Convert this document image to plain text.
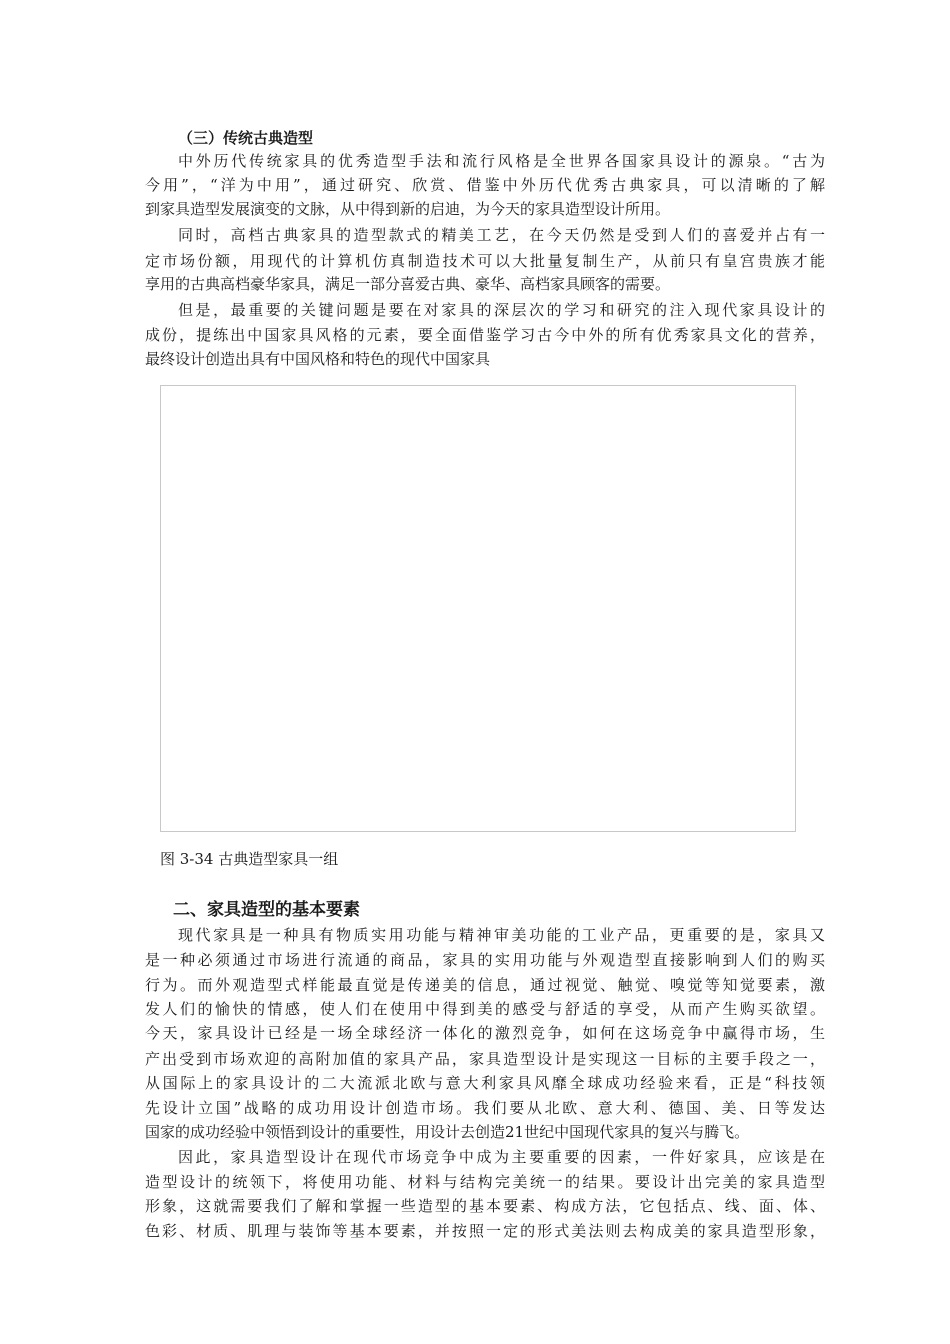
（三）传统古典造型
中外历代传统家具的优秀造型手法和流行风格是全世界各国家具设计的源泉。“古为
今用”，“洋为中用”，通过研究、欣赏、借鉴中外历代优秀古典家具，可以清晰的了解
到家具造型发展演变的文脉，从中得到新的启迪，为今天的家具造型设计所用。
同时，高档古典家具的造型款式的精美工艺，在今天仍然是受到人们的喜爱并占有一
定市场份额，用现代的计算机仿真制造技术可以大批量复制生产，从前只有皇宫贵族才能
享用的古典高档豪华家具，满足一部分喜爱古典、豪华、高档家具顾客的需要。
但是，最重要的关键问题是要在对家具的深层次的学习和研究的注入现代家具设计的
成份，提练出中国家具风格的元素，要全面借鉴学习古今中外的所有优秀家具文化的营养，
最终设计创造出具有中国风格和特色的现代中国家具
图 3-34 古典造型家具一组
二、家具造型的基本要素
现代家具是一种具有物质实用功能与精神审美功能的工业产品，更重要的是，家具又
是一种必须通过市场进行流通的商品，家具的实用功能与外观造型直接影响到人们的购买
行为。而外观造型式样能最直觉是传递美的信息，通过视觉、触觉、嗅觉等知觉要素，激
发人们的愉快的情感，使人们在使用中得到美的感受与舒适的享受，从而产生购买欲望。
今天，家具设计已经是一场全球经济一体化的激烈竞争，如何在这场竞争中赢得市场，生
产出受到市场欢迎的高附加值的家具产品，家具造型设计是实现这一目标的主要手段之一，
从国际上的家具设计的二大流派北欧与意大利家具风靡全球成功经验来看，正是“科技领
先设计立国”战略的成功用设计创造市场。我们要从北欧、意大利、德国、美、日等发达
国家的成功经验中领悟到设计的重要性，用设计去创造21世纪中国现代家具的复兴与腾飞。
因此，家具造型设计在现代市场竞争中成为主要重要的因素，一件好家具，应该是在
造型设计的统领下，将使用功能、材料与结构完美统一的结果。要设计出完美的家具造型
形象，这就需要我们了解和掌握一些造型的基本要素、构成方法，它包括点、线、面、体、
色彩、材质、肌理与装饰等基本要素，并按照一定的形式美法则去构成美的家具造型形象，
